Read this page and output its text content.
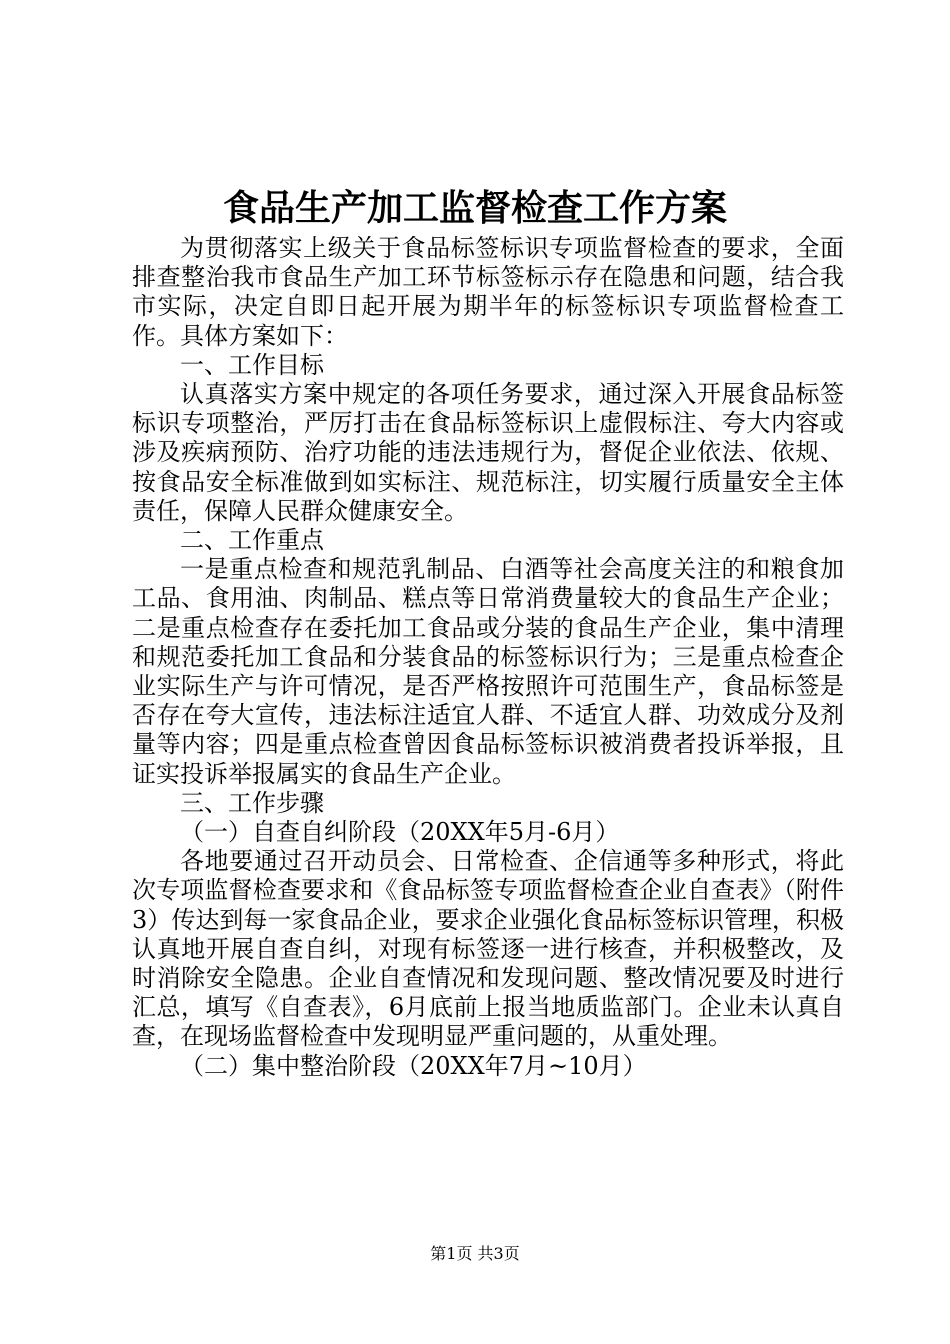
食品生产加工监督检查工作方案

为贯彻落实上级关于食品标签标识专项监督检查的要求，全面排查整治我市食品生产加工环节标签标示存在隐患和问题，结合我市实际，决定自即日起开展为期半年的标签标识专项监督检查工作。具体方案如下：

一、工作目标

认真落实方案中规定的各项任务要求，通过深入开展食品标签标识专项整治，严厉打击在食品标签标识上虚假标注、夸大内容或涉及疾病预防、治疗功能的违法违规行为，督促企业依法、依规、按食品安全标准做到如实标注、规范标注，切实履行质量安全主体责任，保障人民群众健康安全。

二、工作重点

一是重点检查和规范乳制品、白酒等社会高度关注的和粮食加工品、食用油、肉制品、糕点等日常消费量较大的食品生产企业；二是重点检查存在委托加工食品或分装的食品生产企业，集中清理和规范委托加工食品和分装食品的标签标识行为；三是重点检查企业实际生产与许可情况，是否严格按照许可范围生产，食品标签是否存在夸大宣传，违法标注适宜人群、不适宜人群、功效成分及剂量等内容；四是重点检查曾因食品标签标识被消费者投诉举报，且证实投诉举报属实的食品生产企业。

三、工作步骤

（一）自查自纠阶段（20XX年5月-6月）

各地要通过召开动员会、日常检查、企信通等多种形式，将此次专项监督检查要求和《食品标签专项监督检查企业自查表》（附件3）传达到每一家食品企业，要求企业强化食品标签标识管理，积极认真地开展自查自纠，对现有标签逐一进行核查，并积极整改，及时消除安全隐患。企业自查情况和发现问题、整改情况要及时进行汇总，填写《自查表》，6月底前上报当地质监部门。企业未认真自查，在现场监督检查中发现明显严重问题的，从重处理。

（二）集中整治阶段（20XX年7月~10月）

第1页 共3页
